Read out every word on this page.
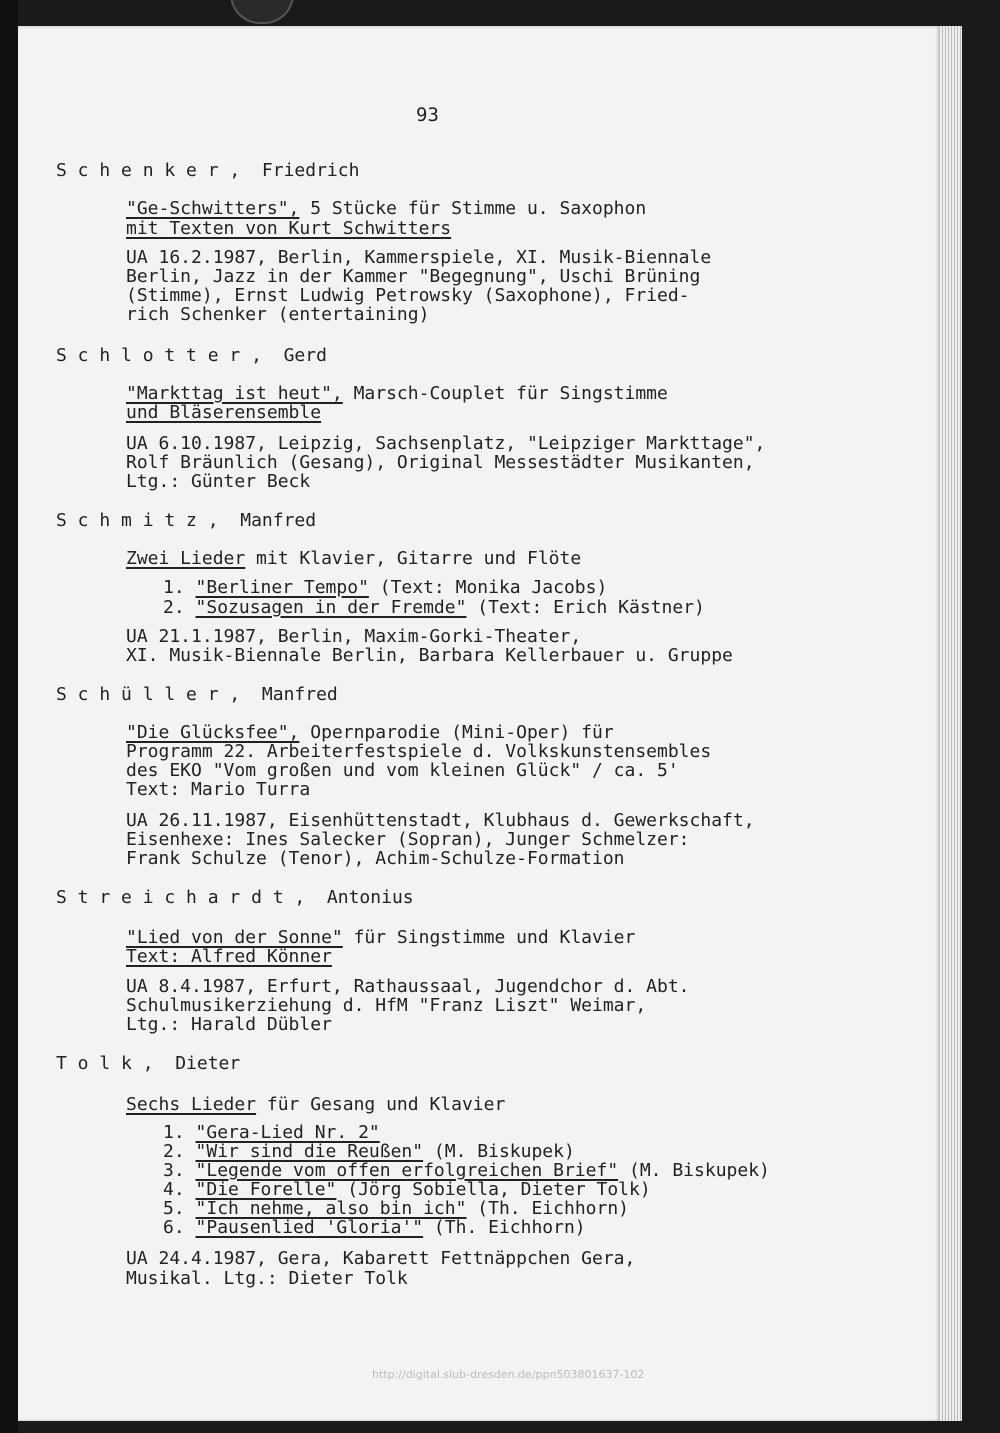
93
S c h e n k e r ,  Friedrich
"Ge-Schwitters", 5 Stücke für Stimme u. Saxophon
mit Texten von Kurt Schwitters
UA 16.2.1987, Berlin, Kammerspiele, XI. Musik-Biennale
Berlin, Jazz in der Kammer "Begegnung", Uschi Brüning
(Stimme), Ernst Ludwig Petrowsky (Saxophone), Fried-
rich Schenker (entertaining)
S c h l o t t e r ,  Gerd
"Markttag ist heut", Marsch-Couplet für Singstimme
und Bläserensemble
UA 6.10.1987, Leipzig, Sachsenplatz, "Leipziger Markttage",
Rolf Bräunlich (Gesang), Original Messestädter Musikanten,
Ltg.: Günter Beck
S c h m i t z ,  Manfred
Zwei Lieder mit Klavier, Gitarre und Flöte
1. "Berliner Tempo" (Text: Monika Jacobs)
2. "Sozusagen in der Fremde" (Text: Erich Kästner)
UA 21.1.1987, Berlin, Maxim-Gorki-Theater,
XI. Musik-Biennale Berlin, Barbara Kellerbauer u. Gruppe
S c h ü l l e r ,  Manfred
"Die Glücksfee", Opernparodie (Mini-Oper) für
Programm 22. Arbeiterfestspiele d. Volkskunstensembles
des EKO "Vom großen und vom kleinen Glück" / ca. 5'
Text: Mario Turra
UA 26.11.1987, Eisenhüttenstadt, Klubhaus d. Gewerkschaft,
Eisenhexe: Ines Salecker (Sopran), Junger Schmelzer:
Frank Schulze (Tenor), Achim-Schulze-Formation
S t r e i c h a r d t ,  Antonius
"Lied von der Sonne" für Singstimme und Klavier
Text: Alfred Könner
UA 8.4.1987, Erfurt, Rathaussaal, Jugendchor d. Abt.
Schulmusikerziehung d. HfM "Franz Liszt" Weimar,
Ltg.: Harald Dübler
T o l k ,  Dieter
Sechs Lieder für Gesang und Klavier
1. "Gera-Lied Nr. 2"
2. "Wir sind die Reußen" (M. Biskupek)
3. "Legende vom offen erfolgreichen Brief" (M. Biskupek)
4. "Die Forelle" (Jörg Sobiella, Dieter Tolk)
5. "Ich nehme, also bin ich" (Th. Eichhorn)
6. "Pausenlied 'Gloria'" (Th. Eichhorn)
UA 24.4.1987, Gera, Kabarett Fettnäppchen Gera,
Musikal. Ltg.: Dieter Tolk
http://digital.slub-dresden.de/ppn503801637-102
